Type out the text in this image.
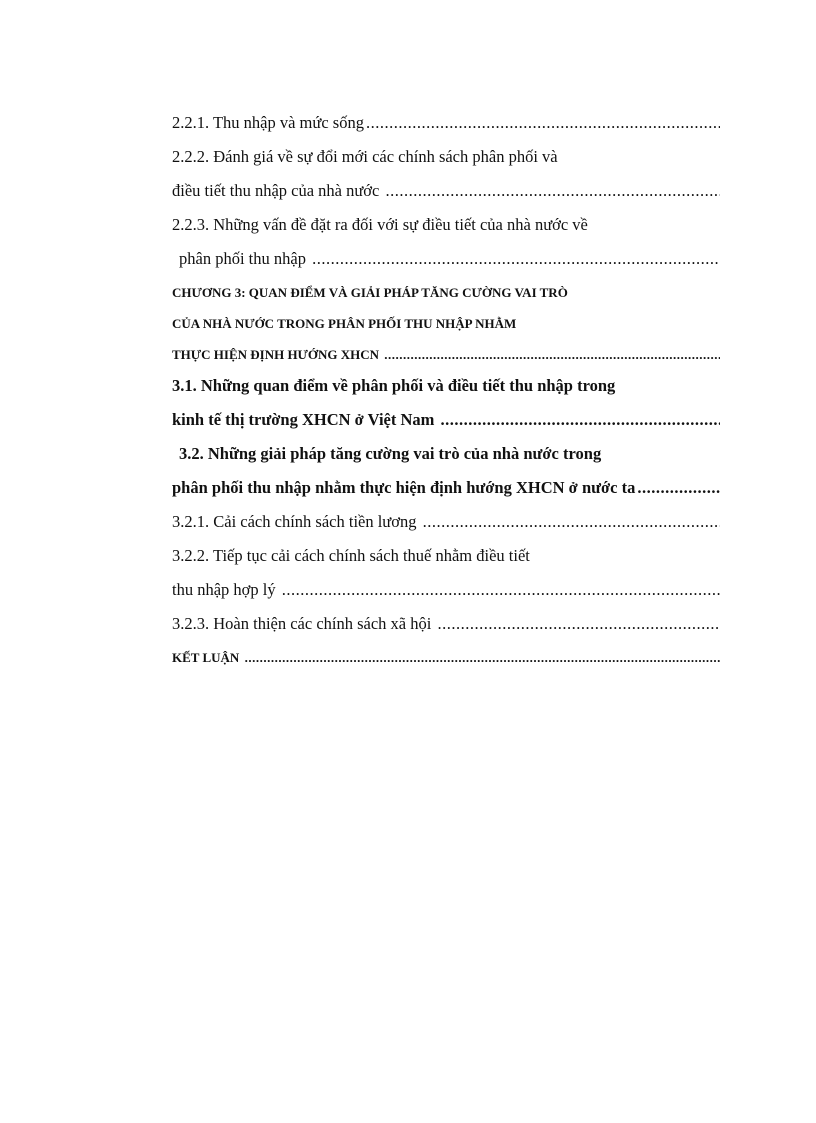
2.2.1. Thu nhập và mức sống
.....
2.2.2. Đánh giá về sự đổi mới các chính sách phân phối và
điều tiết thu nhập của nhà nước
.....
2.2.3. Những vấn đề đặt ra đối với sự điều tiết của nhà nước về
phân phối thu nhập
.....
CHƯƠNG 3: QUAN ĐIỂM VÀ GIẢI PHÁP TĂNG CƯỜNG VAI TRÒ
CỦA NHÀ NƯỚC TRONG PHÂN PHỐI THU NHẬP NHẰM
THỰC HIỆN ĐỊNH HƯỚNG XHCN
.....
3.1. Những quan điểm về phân phối và điều tiết thu nhập trong
kinh tế thị trường XHCN ở Việt Nam
.....
3.2. Những giải pháp tăng cường vai trò của nhà nước trong
phân phối thu nhập nhằm thực hiện định hướng XHCN ở nước ta
.....
3.2.1. Cải cách chính sách tiền lương
.....
3.2.2. Tiếp tục cải cách chính sách thuế nhằm điều tiết
thu nhập hợp lý
.....
3.2.3. Hoàn thiện các chính sách xã hội
.....
KẾT LUẬN
.....
